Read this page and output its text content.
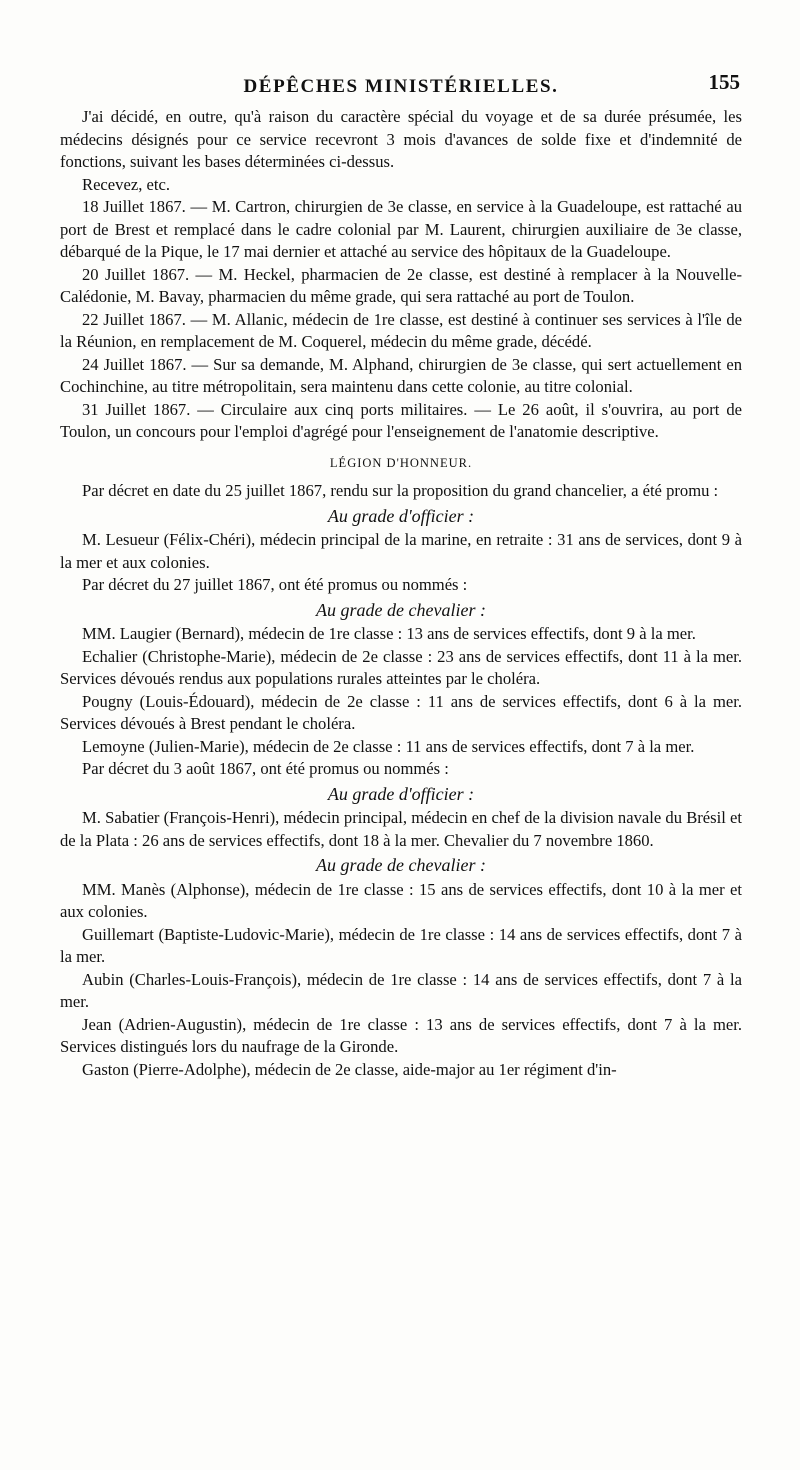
DÉPÊCHES MINISTÉRIELLES.	155

J'ai décidé, en outre, qu'à raison du caractère spécial du voyage et de sa durée présumée, les médecins désignés pour ce service recevront 3 mois d'avances de solde fixe et d'indemnité de fonctions, suivant les bases déterminées ci-dessus.

Recevez, etc.

18 Juillet 1867. — M. Cartron, chirurgien de 3e classe, en service à la Guadeloupe, est rattaché au port de Brest et remplacé dans le cadre colonial par M. Laurent, chirurgien auxiliaire de 3e classe, débarqué de la Pique, le 17 mai dernier et attaché au service des hôpitaux de la Guadeloupe.

20 Juillet 1867. — M. Heckel, pharmacien de 2e classe, est destiné à remplacer à la Nouvelle-Calédonie, M. Bavay, pharmacien du même grade, qui sera rattaché au port de Toulon.

22 Juillet 1867. — M. Allanic, médecin de 1re classe, est destiné à continuer ses services à l'île de la Réunion, en remplacement de M. Coquerel, médecin du même grade, décédé.

24 Juillet 1867. — Sur sa demande, M. Alphand, chirurgien de 3e classe, qui sert actuellement en Cochinchine, au titre métropolitain, sera maintenu dans cette colonie, au titre colonial.

31 Juillet 1867. — Circulaire aux cinq ports militaires. — Le 26 août, il s'ouvrira, au port de Toulon, un concours pour l'emploi d'agrégé pour l'enseignement de l'anatomie descriptive.

LÉGION D'HONNEUR.

Par décret en date du 25 juillet 1867, rendu sur la proposition du grand chancelier, a été promu :

Au grade d'officier :

M. Lesueur (Félix-Chéri), médecin principal de la marine, en retraite : 31 ans de services, dont 9 à la mer et aux colonies.

Par décret du 27 juillet 1867, ont été promus ou nommés :

Au grade de chevalier :

MM. Laugier (Bernard), médecin de 1re classe : 13 ans de services effectifs, dont 9 à la mer.

Echalier (Christophe-Marie), médecin de 2e classe : 23 ans de services effectifs, dont 11 à la mer. Services dévoués rendus aux populations rurales atteintes par le choléra.

Pougny (Louis-Édouard), médecin de 2e classe : 11 ans de services effectifs, dont 6 à la mer. Services dévoués à Brest pendant le choléra.

Lemoyne (Julien-Marie), médecin de 2e classe : 11 ans de services effectifs, dont 7 à la mer.

Par décret du 3 août 1867, ont été promus ou nommés :

Au grade d'officier :

M. Sabatier (François-Henri), médecin principal, médecin en chef de la division navale du Brésil et de la Plata : 26 ans de services effectifs, dont 18 à la mer. Chevalier du 7 novembre 1860.

Au grade de chevalier :

MM. Manès (Alphonse), médecin de 1re classe : 15 ans de services effectifs, dont 10 à la mer et aux colonies.

Guillemart (Baptiste-Ludovic-Marie), médecin de 1re classe : 14 ans de services effectifs, dont 7 à la mer.

Aubin (Charles-Louis-François), médecin de 1re classe : 14 ans de services effectifs, dont 7 à la mer.

Jean (Adrien-Augustin), médecin de 1re classe : 13 ans de services effectifs, dont 7 à la mer. Services distingués lors du naufrage de la Gironde.

Gaston (Pierre-Adolphe), médecin de 2e classe, aide-major au 1er régiment d'in-
